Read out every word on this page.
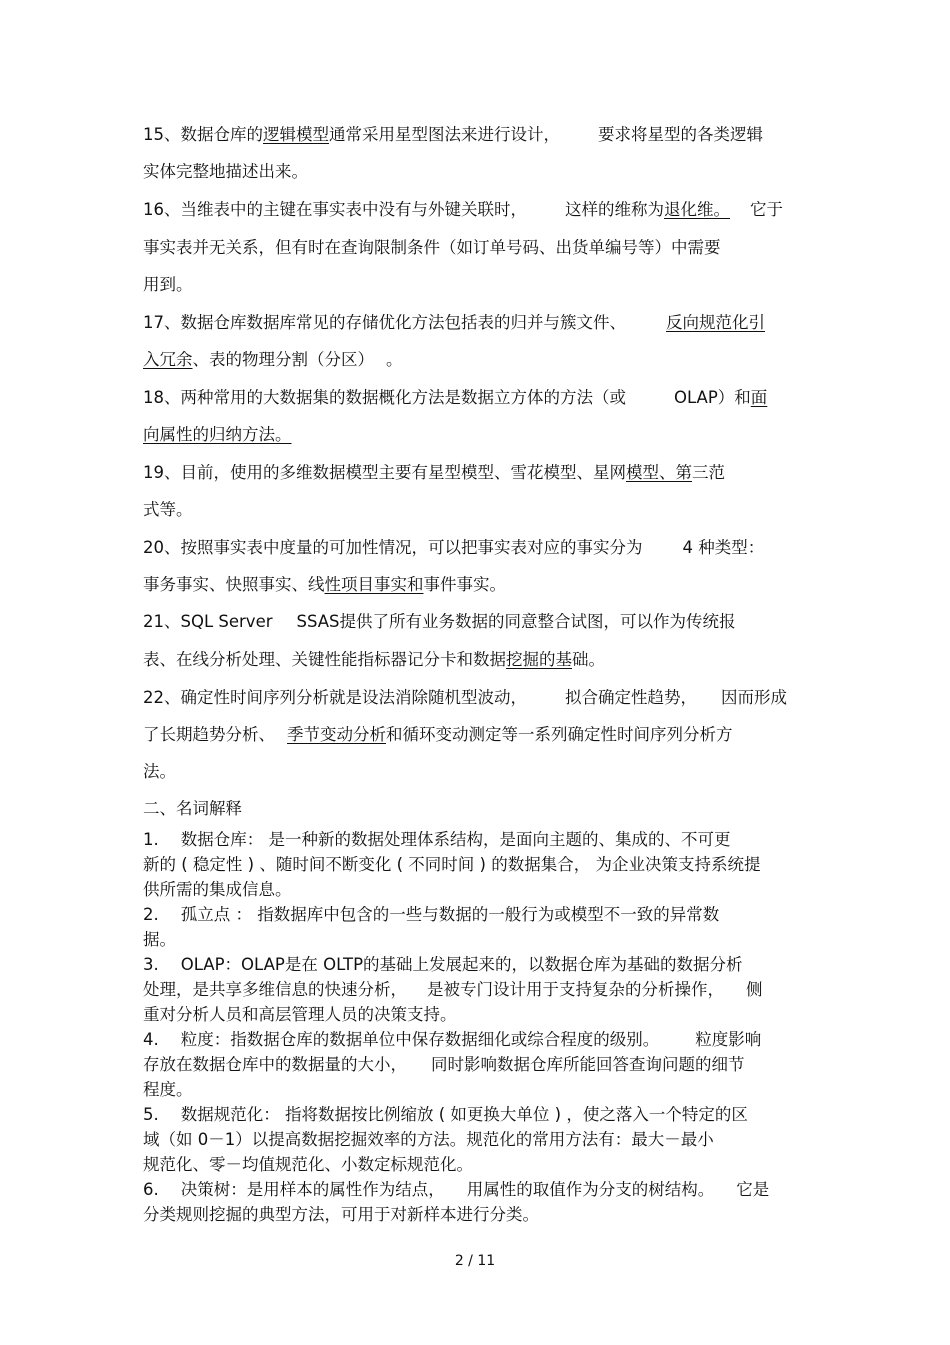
15、数据仓库的逻辑模型通常采用星型图法来进行设计， 要求将星型的各类逻辑
实体完整地描述出来。
16、当维表中的主键在事实表中没有与外键关联时， 这样的维称为退化维。 它于
事实表并无关系，但有时在查询限制条件（如订单号码、出货单编号等）中需要
用到。
17、数据仓库数据库常见的存储优化方法包括表的归并与簇文件、 反向规范化引
入冗余、表的物理分割（分区） 。
18、两种常用的大数据集的数据概化方法是数据立方体的方法（或	OLAP）和面
向属性的归纳方法。
19、目前，使用的多维数据模型主要有星型模型、雪花模型、星网模型、第三范
式等。
20、按照事实表中度量的可加性情况，可以把事实表对应的事实分为 4 种类型：
事务事实、快照事实、线性项目事实和事件事实。
21、SQL Server SSAS提供了所有业务数据的同意整合试图，可以作为传统报
表、在线分析处理、关键性能指标器记分卡和数据挖掘的基础。
22、确定性时间序列分析就是设法消除随机型波动， 拟合确定性趋势， 因而形成
了长期趋势分析、 季节变动分析和循环变动测定等一系列确定性时间序列分析方
法。
二、名词解释
1. 数据仓库： 是一种新的数据处理体系结构，是面向主题的、集成的、不可更
新的 ( 稳定性 ) 、随时间不断变化 ( 不同时间 ) 的数据集合， 为企业决策支持系统提
供所需的集成信息。
2. 孤立点 ： 指数据库中包含的一些与数据的一般行为或模型不一致的异常数
据。
3. OLAP：OLAP是在 OLTP的基础上发展起来的，以数据仓库为基础的数据分析
处理，是共享多维信息的快速分析， 是被专门设计用于支持复杂的分析操作， 侧
重对分析人员和高层管理人员的决策支持。
4. 粒度：指数据仓库的数据单位中保存数据细化或综合程度的级别。 粒度影响
存放在数据仓库中的数据量的大小， 同时影响数据仓库所能回答查询问题的细节
程度。
5. 数据规范化： 指将数据按比例缩放 ( 如更换大单位 ) ，使之落入一个特定的区
域（如 0－1）以提高数据挖掘效率的方法。规范化的常用方法有：最大－最小
规范化、零－均值规范化、小数定标规范化。
6. 决策树：是用样本的属性作为结点， 用属性的取值作为分支的树结构。 它是
分类规则挖掘的典型方法，可用于对新样本进行分类。
2 / 11
